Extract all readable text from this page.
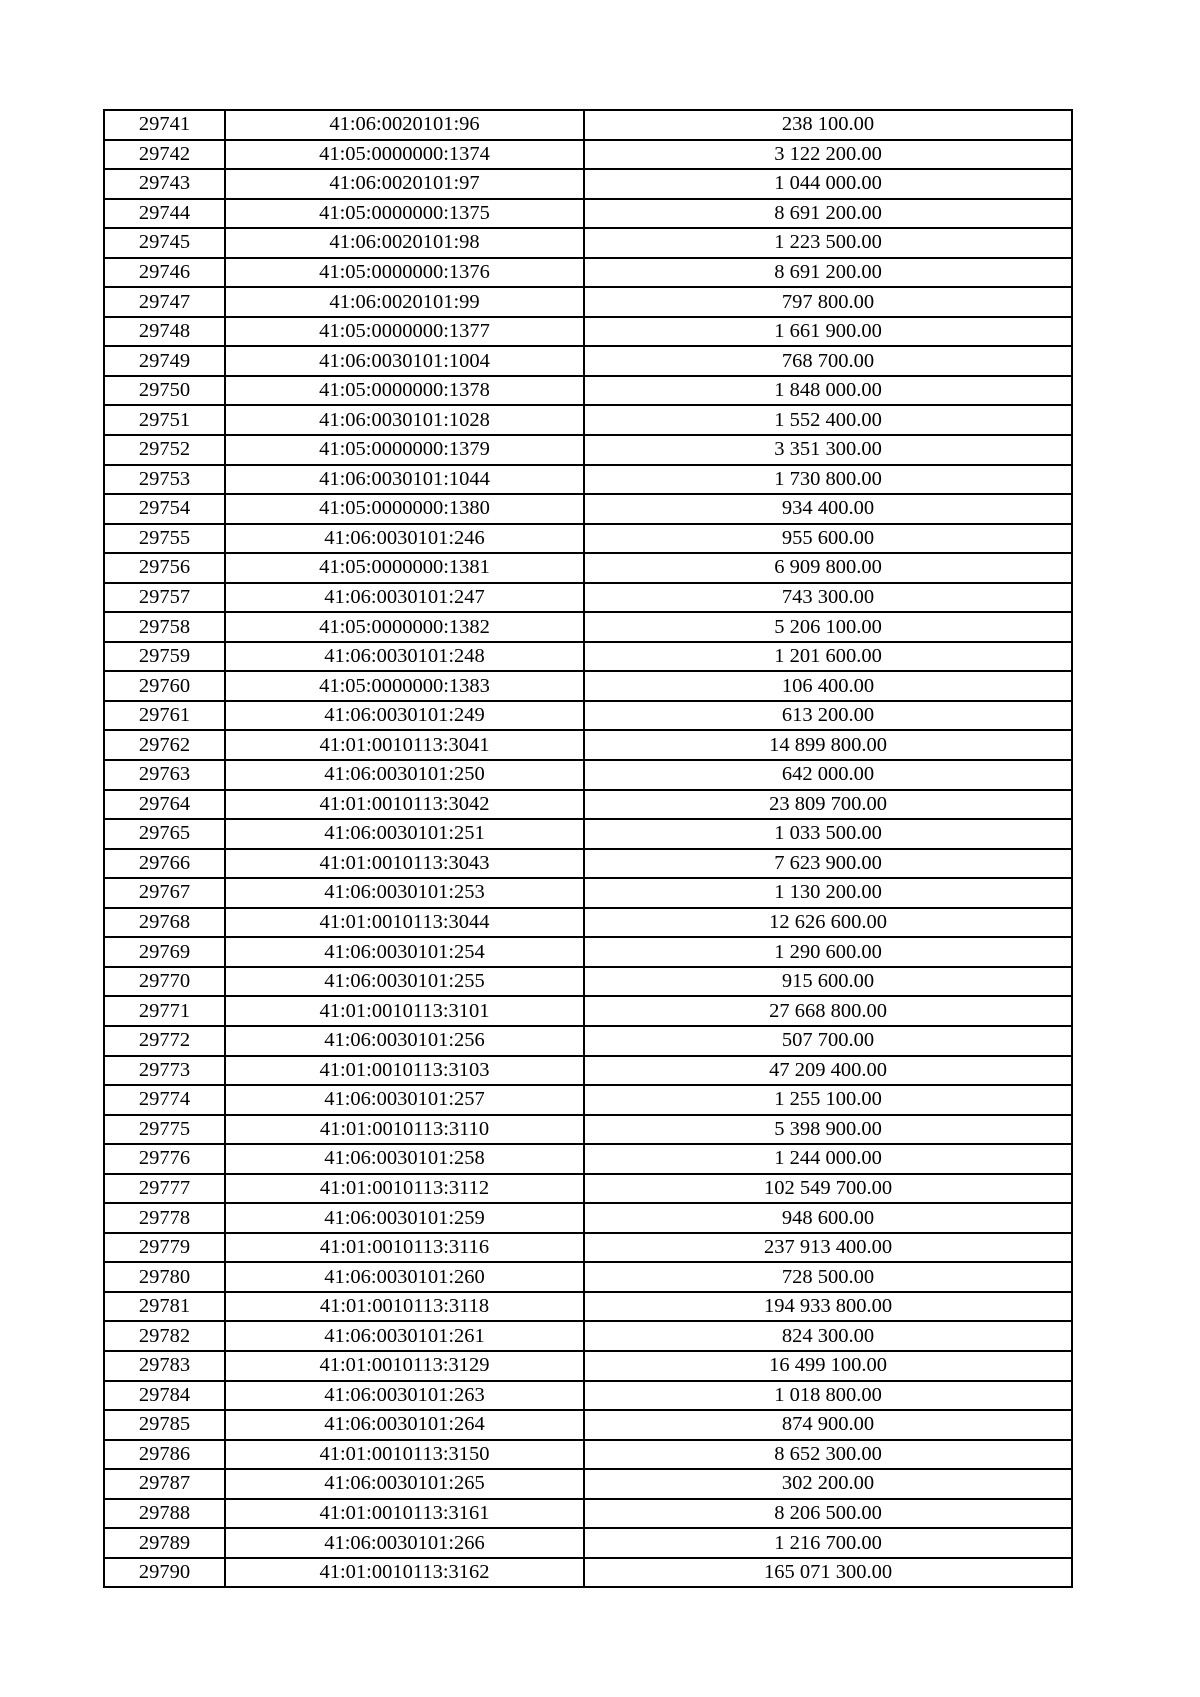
29741	41:06:0020101:96	238 100.00
29742	41:05:0000000:1374	3 122 200.00
29743	41:06:0020101:97	1 044 000.00
29744	41:05:0000000:1375	8 691 200.00
29745	41:06:0020101:98	1 223 500.00
29746	41:05:0000000:1376	8 691 200.00
29747	41:06:0020101:99	797 800.00
29748	41:05:0000000:1377	1 661 900.00
29749	41:06:0030101:1004	768 700.00
29750	41:05:0000000:1378	1 848 000.00
29751	41:06:0030101:1028	1 552 400.00
29752	41:05:0000000:1379	3 351 300.00
29753	41:06:0030101:1044	1 730 800.00
29754	41:05:0000000:1380	934 400.00
29755	41:06:0030101:246	955 600.00
29756	41:05:0000000:1381	6 909 800.00
29757	41:06:0030101:247	743 300.00
29758	41:05:0000000:1382	5 206 100.00
29759	41:06:0030101:248	1 201 600.00
29760	41:05:0000000:1383	106 400.00
29761	41:06:0030101:249	613 200.00
29762	41:01:0010113:3041	14 899 800.00
29763	41:06:0030101:250	642 000.00
29764	41:01:0010113:3042	23 809 700.00
29765	41:06:0030101:251	1 033 500.00
29766	41:01:0010113:3043	7 623 900.00
29767	41:06:0030101:253	1 130 200.00
29768	41:01:0010113:3044	12 626 600.00
29769	41:06:0030101:254	1 290 600.00
29770	41:06:0030101:255	915 600.00
29771	41:01:0010113:3101	27 668 800.00
29772	41:06:0030101:256	507 700.00
29773	41:01:0010113:3103	47 209 400.00
29774	41:06:0030101:257	1 255 100.00
29775	41:01:0010113:3110	5 398 900.00
29776	41:06:0030101:258	1 244 000.00
29777	41:01:0010113:3112	102 549 700.00
29778	41:06:0030101:259	948 600.00
29779	41:01:0010113:3116	237 913 400.00
29780	41:06:0030101:260	728 500.00
29781	41:01:0010113:3118	194 933 800.00
29782	41:06:0030101:261	824 300.00
29783	41:01:0010113:3129	16 499 100.00
29784	41:06:0030101:263	1 018 800.00
29785	41:06:0030101:264	874 900.00
29786	41:01:0010113:3150	8 652 300.00
29787	41:06:0030101:265	302 200.00
29788	41:01:0010113:3161	8 206 500.00
29789	41:06:0030101:266	1 216 700.00
29790	41:01:0010113:3162	165 071 300.00
